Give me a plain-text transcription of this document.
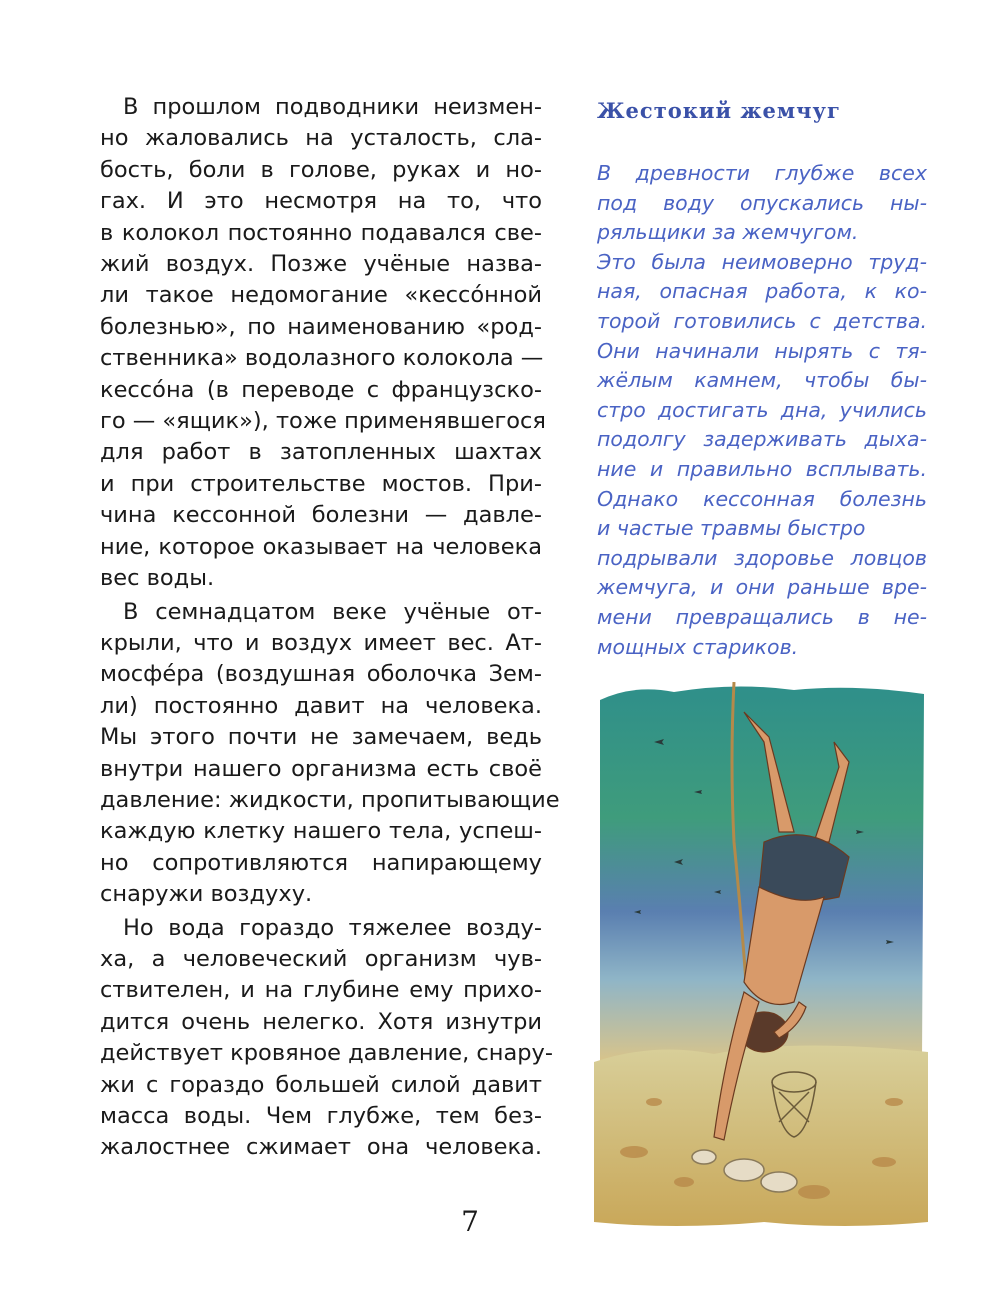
В прошлом подводники неизмен-
но жаловались на усталость, сла-
бость, боли в голове, руках и но-
гах. И это несмотря на то, что
в колокол постоянно подавался све-
жий воздух. Позже учёные назва-
ли такое недомогание «кессóнной
болезнью», по наименованию «род-
ственника» водолазного колокола —
кессóна (в переводе с французско-
го — «ящик»), тоже применявшегося
для работ в затопленных шахтах
и при строительстве мостов. При-
чина кессонной болезни — давле-
ние, которое оказывает на человека
вес воды.

В семнадцатом веке учёные от-
крыли, что и воздух имеет вес. Ат-
мосфéра (воздушная оболочка Зем-
ли) постоянно давит на человека.
Мы этого почти не замечаем, ведь
внутри нашего организма есть своё
давление: жидкости, пропитывающие
каждую клетку нашего тела, успеш-
но сопротивляются напирающему
снаружи воздуху.

Но вода гораздо тяжелее возду-
ха, а человеческий организм чув-
ствителен, и на глубине ему прихо-
дится очень нелегко. Хотя изнутри
действует кровяное давление, снару-
жи с гораздо большей силой давит
масса воды. Чем глубже, тем без-
жалостнее сжимает она человека.

Жестокий жемчуг
В древности глубже всех
под воду опускались ны-
ряльщики за жемчугом.
Это была неимоверно труд-
ная, опасная работа, к ко-
торой готовились с детства.
Они начинали нырять с тя-
жёлым камнем, чтобы бы-
стро достигать дна, учились
подолгу задерживать дыха-
ние и правильно всплывать.
Однако кессонная болезнь
и частые травмы быстро
подрывали здоровье ловцов
жемчуга, и они раньше вре-
мени превращались в не-
мощных стариков.
7
